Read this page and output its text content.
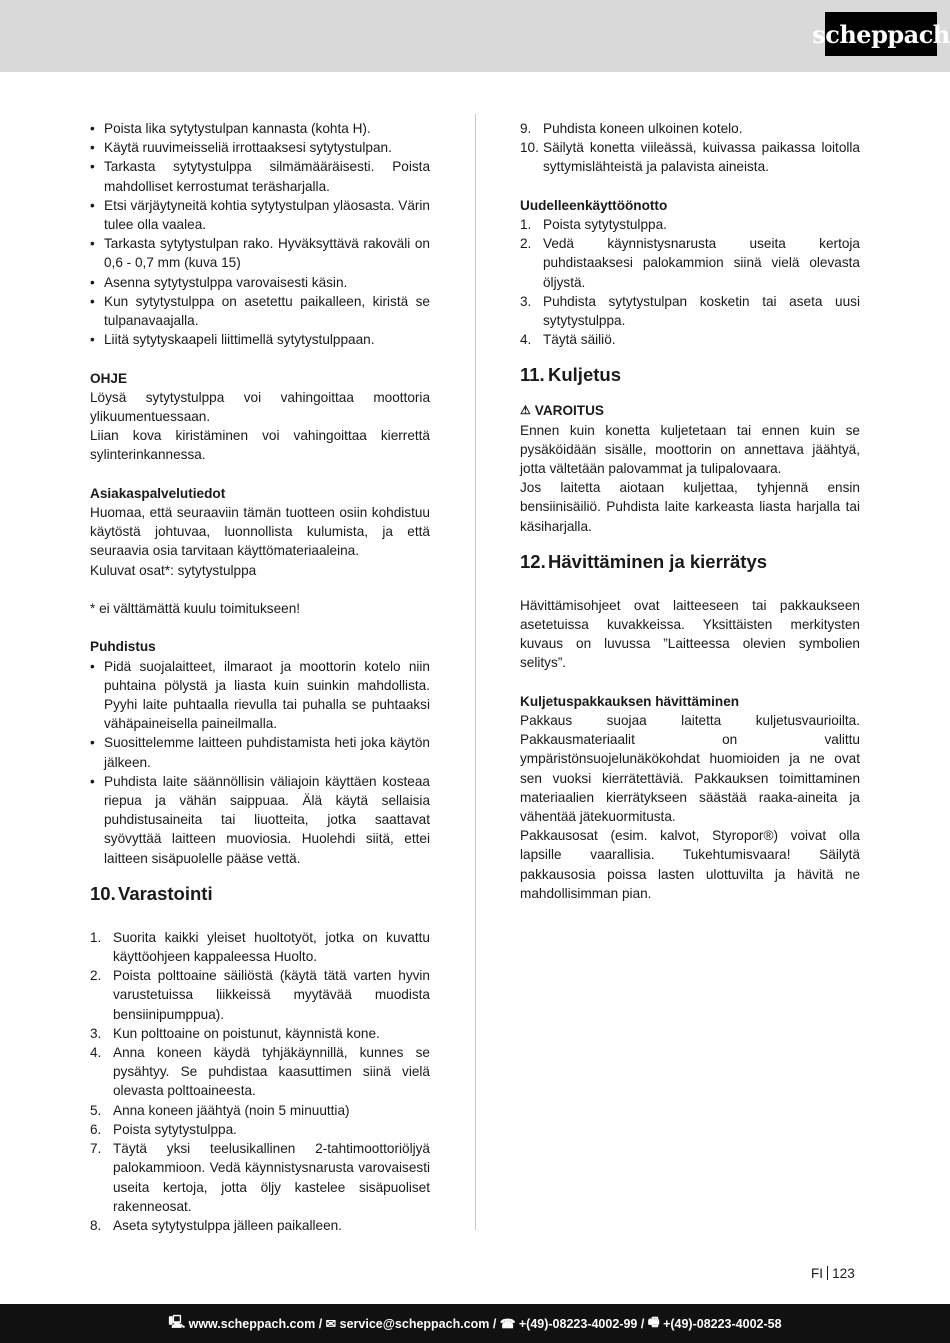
scheppach
• Poista lika sytytystulpan kannasta (kohta H).
• Käytä ruuvimeisseliä irrottaaksesi sytytystulpan.
• Tarkasta sytytystulppa silmämääräisesti. Poista mahdolliset kerrostumat teräsharjalla.
• Etsi värjäytyneitä kohtia sytytystulpan yläosasta. Värin tulee olla vaalea.
• Tarkasta sytytystulpan rako. Hyväksyttävä rakoväli on 0,6 - 0,7 mm (kuva 15)
• Asenna sytytystulppa varovaisesti käsin.
• Kun sytytystulppa on asetettu paikalleen, kiristä se tulpanavaajalla.
• Liitä sytytyskaapeli liittimellä sytytystulppaan.

OHJE

Löysä sytytystulppa voi vahingoittaa moottoria ylikuumentuessaan.

Liian kova kiristäminen voi vahingoittaa kierrettä sylinterinkannessa.

Asiakaspalvelutiedot

Huomaa, että seuraaviin tämän tuotteen osiin kohdistuu käytöstä johtuvaa, luonnollista kulumista, ja että seuraavia osia tarvitaan käyttömateriaaleina.

Kuluvat osat*: sytytystulppa

* ei välttämättä kuulu toimitukseen!

Puhdistus

• Pidä suojalaitteet, ilmaraot ja moottorin kotelo niin puhtaina pölystä ja liasta kuin suinkin mahdollista. Pyyhi laite puhtaalla rievulla tai puhalla se puhtaaksi vähäpaineisella paineilmalla.
• Suosittelemme laitteen puhdistamista heti joka käytön jälkeen.
• Puhdista laite säännöllisin väliajoin käyttäen kosteaa riepua ja vähän saippuaa. Älä käytä sellaisia puhdistusaineita tai liuotteita, jotka saattavat syövyttää laitteen muoviosia. Huolehdi siitä, ettei laitteen sisäpuolelle pääse vettä.
10. Varastointi
1. Suorita kaikki yleiset huoltotyöt, jotka on kuvattu käyttöohjeen kappaleessa Huolto.
2. Poista polttoaine säiliöstä (käytä tätä varten hyvin varustetuissa liikkeissä myytävää muodista bensiinipumppua).
3. Kun polttoaine on poistunut, käynnistä kone.
4. Anna koneen käydä tyhjäkäynnillä, kunnes se pysähtyy. Se puhdistaa kaasuttimen siinä vielä olevasta polttoaineesta.
5. Anna koneen jäähtyä (noin 5 minuuttia)
6. Poista sytytystulppa.
7. Täytä yksi teelusikallinen 2-tahtimoottoriöljyä palokammioon. Vedä käynnistysnarusta varovaisesti useita kertoja, jotta öljy kastelee sisäpuoliset rakenneosat.
8. Aseta sytytystulppa jälleen paikalleen.
9. Puhdista koneen ulkoinen kotelo.
10. Säilytä konetta viileässä, kuivassa paikassa loitolla syttymislähteistä ja palavista aineista.

Uudelleenkäyttöönotto

1. Poista sytytystulppa.
2. Vedä käynnistysnarusta useita kertoja puhdistaaksesi palokammion siinä vielä olevasta öljystä.
3. Puhdista sytytystulpan kosketin tai aseta uusi sytytystulppa.
4. Täytä säiliö.
11. Kuljetus

⚠ VAROITUS

Ennen kuin konetta kuljetetaan tai ennen kuin se pysäköidään sisälle, moottorin on annettava jäähtyä, jotta vältetään palovammat ja tulipalovaara.

Jos laitetta aiotaan kuljettaa, tyhjennä ensin bensiinisäiliö. Puhdista laite karkeasta liasta harjalla tai käsiharjalla.

12. Hävittäminen ja kierrätys

Hävittämisohjeet ovat laitteeseen tai pakkaukseen asetetuissa kuvakkeissa. Yksittäisten merkitysten kuvaus on luvussa ”Laitteessa olevien symbolien selitys”.

Kuljetuspakkauksen hävittäminen

Pakkaus suojaa laitetta kuljetusvaurioilta. Pakkausmateriaalit on valittu ympäristönsuojelunäkökohdat huomioiden ja ne ovat sen vuoksi kierrätettäviä. Pakkauksen toimittaminen materiaalien kierrätykseen säästää raaka-aineita ja vähentää jätekuormitusta.

Pakkausosat (esim. kalvot, Styropor®) voivat olla lapsille vaarallisia. Tukehtumisvaara! Säilytä pakkausosia poissa lasten ulottuvilta ja hävitä ne mahdollisimman pian.

FI 123
🖳 www.scheppach.com / ✉ service@scheppach.com / ☎ +(49)-08223-4002-99 / 🖷 +(49)-08223-4002-58
